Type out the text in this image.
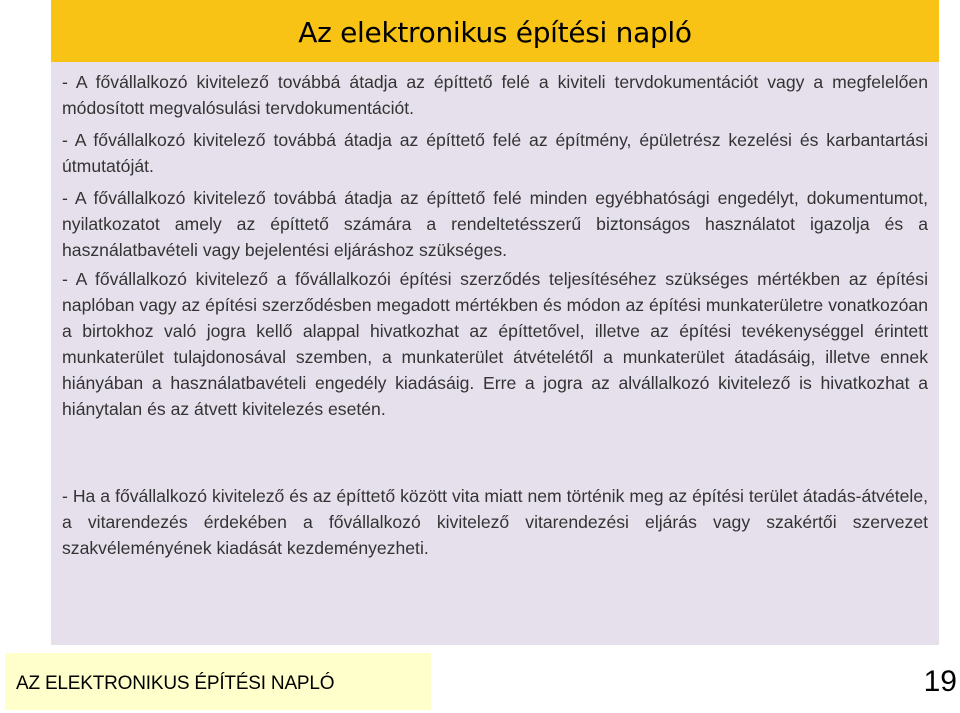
Az elektronikus építési napló

- A fővállalkozó kivitelező továbbá átadja az építtető felé a kiviteli tervdokumentációt vagy a megfelelően módosított megvalósulási tervdokumentációt.

- A fővállalkozó kivitelező továbbá átadja az építtető felé az építmény, épületrész kezelési és karbantartási útmutatóját.

- A fővállalkozó kivitelező továbbá átadja az építtető felé minden egyébhatósági engedélyt, dokumentumot, nyilatkozatot amely az építtető számára a rendeltetésszerű biztonságos használatot igazolja és a használatbavételi vagy bejelentési eljáráshoz szükséges.

- A fővállalkozó kivitelező a fővállalkozói építési szerződés teljesítéséhez szükséges mértékben az építési naplóban vagy az építési szerződésben megadott mértékben és módon az építési munkaterületre vonatkozóan a birtokhoz való jogra kellő alappal hivatkozhat az építtetővel, illetve az építési tevékenységgel érintett munkaterület tulajdonosával szemben, a munkaterület átvételétől a munkaterület átadásáig, illetve ennek hiányában a használatbavételi engedély kiadásáig. Erre a jogra az alvállalkozó kivitelező is hivatkozhat a hiánytalan és az átvett kivitelezés esetén.

- Ha a fővállalkozó kivitelező és az építtető között vita miatt nem történik meg az építési terület átadás-átvétele, a vitarendezés érdekében a fővállalkozó kivitelező vitarendezési eljárás vagy szakértői szervezet szakvéleményének kiadását kezdeményezheti.

AZ ELEKTRONIKUS ÉPÍTÉSI NAPLÓ	19
